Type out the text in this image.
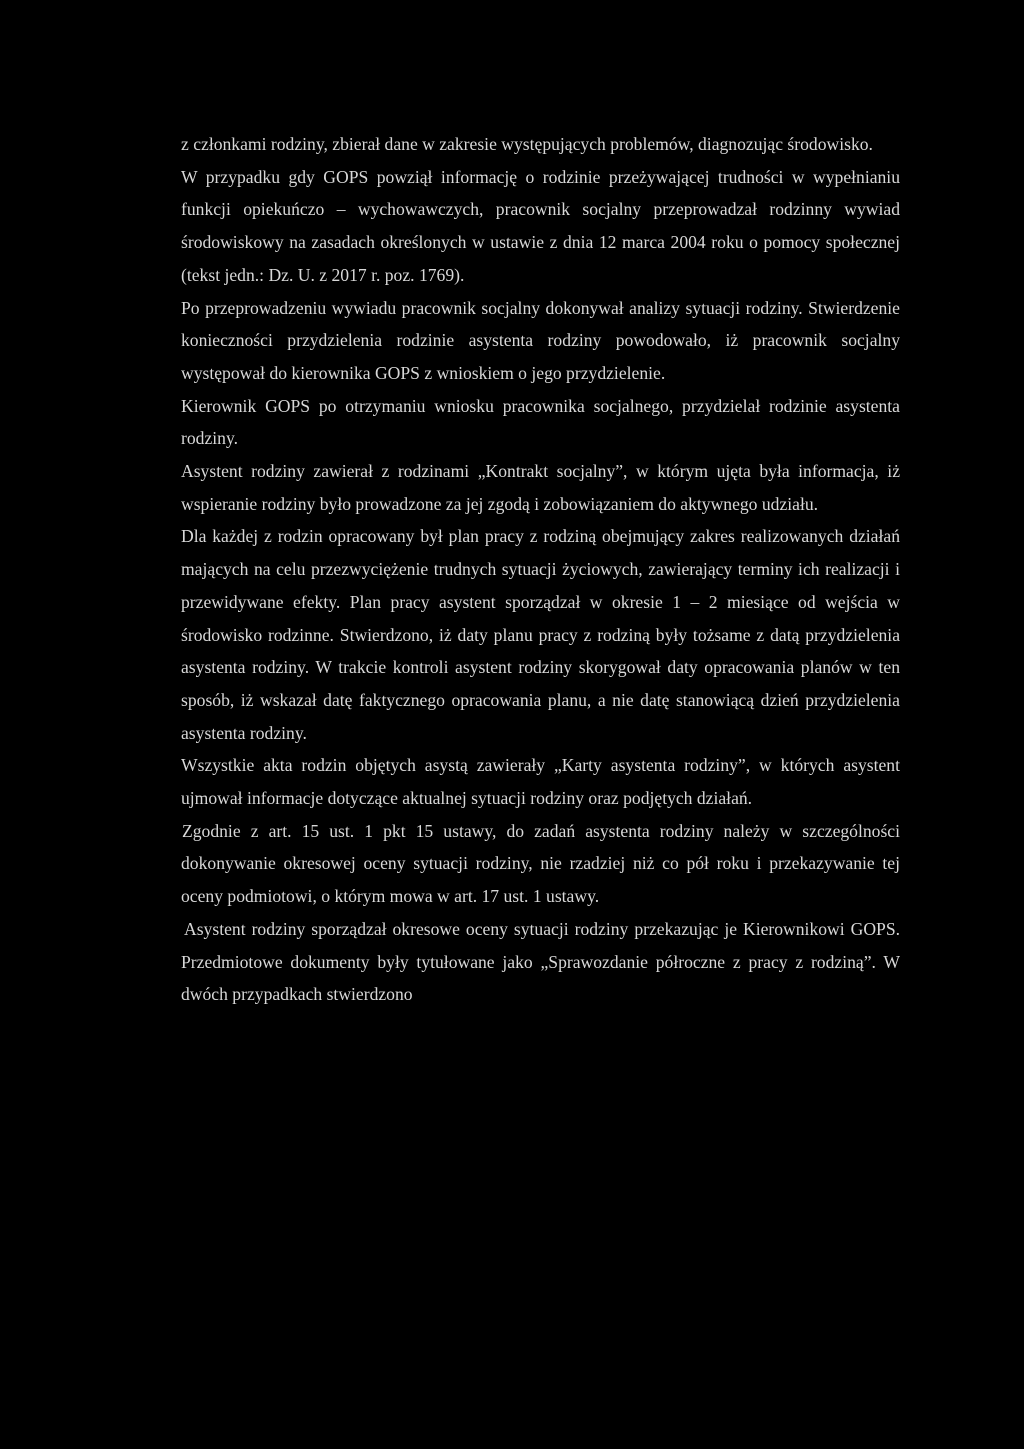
z członkami rodziny, zbierał dane w zakresie występujących problemów, diagnozując środowisko.

W przypadku gdy GOPS powziął informację o rodzinie przeżywającej trudności w wypełnianiu funkcji opiekuńczo – wychowawczych, pracownik socjalny przeprowadzał rodzinny wywiad środowiskowy na zasadach określonych w ustawie z dnia 12 marca 2004 roku o pomocy społecznej (tekst jedn.: Dz. U. z 2017 r. poz. 1769).

Po przeprowadzeniu wywiadu pracownik socjalny dokonywał analizy sytuacji rodziny. Stwierdzenie konieczności przydzielenia rodzinie asystenta rodziny powodowało, iż pracownik socjalny występował do kierownika GOPS z wnioskiem o jego przydzielenie.

Kierownik GOPS po otrzymaniu wniosku pracownika socjalnego, przydzielał rodzinie asystenta rodziny.

Asystent rodziny zawierał z rodzinami „Kontrakt socjalny”, w którym ujęta była informacja, iż wspieranie rodziny było prowadzone za jej zgodą i zobowiązaniem do aktywnego udziału.

Dla każdej z rodzin opracowany był plan pracy z rodziną obejmujący zakres realizowanych działań mających na celu przezwyciężenie trudnych sytuacji życiowych, zawierający terminy ich realizacji i przewidywane efekty. Plan pracy asystent sporządzał w okresie 1 – 2 miesiące od wejścia w środowisko rodzinne. Stwierdzono, iż daty planu pracy z rodziną były tożsame z datą przydzielenia asystenta rodziny. W trakcie kontroli asystent rodziny skorygował daty opracowania planów w ten sposób, iż wskazał datę faktycznego opracowania planu, a nie datę stanowiącą dzień przydzielenia asystenta rodziny.

Wszystkie akta rodzin objętych asystą zawierały „Karty asystenta rodziny”, w których asystent ujmował informacje dotyczące aktualnej sytuacji rodziny oraz podjętych działań.

Zgodnie z art. 15 ust. 1 pkt 15 ustawy, do zadań asystenta rodziny należy w szczególności dokonywanie okresowej oceny sytuacji rodziny, nie rzadziej niż co pół roku i przekazywanie tej oceny podmiotowi, o którym mowa w art. 17 ust. 1 ustawy.

Asystent rodziny sporządzał okresowe oceny sytuacji rodziny przekazując je Kierownikowi GOPS. Przedmiotowe dokumenty były tytułowane jako „Sprawozdanie półroczne z pracy z rodziną”. W dwóch przypadkach stwierdzono
